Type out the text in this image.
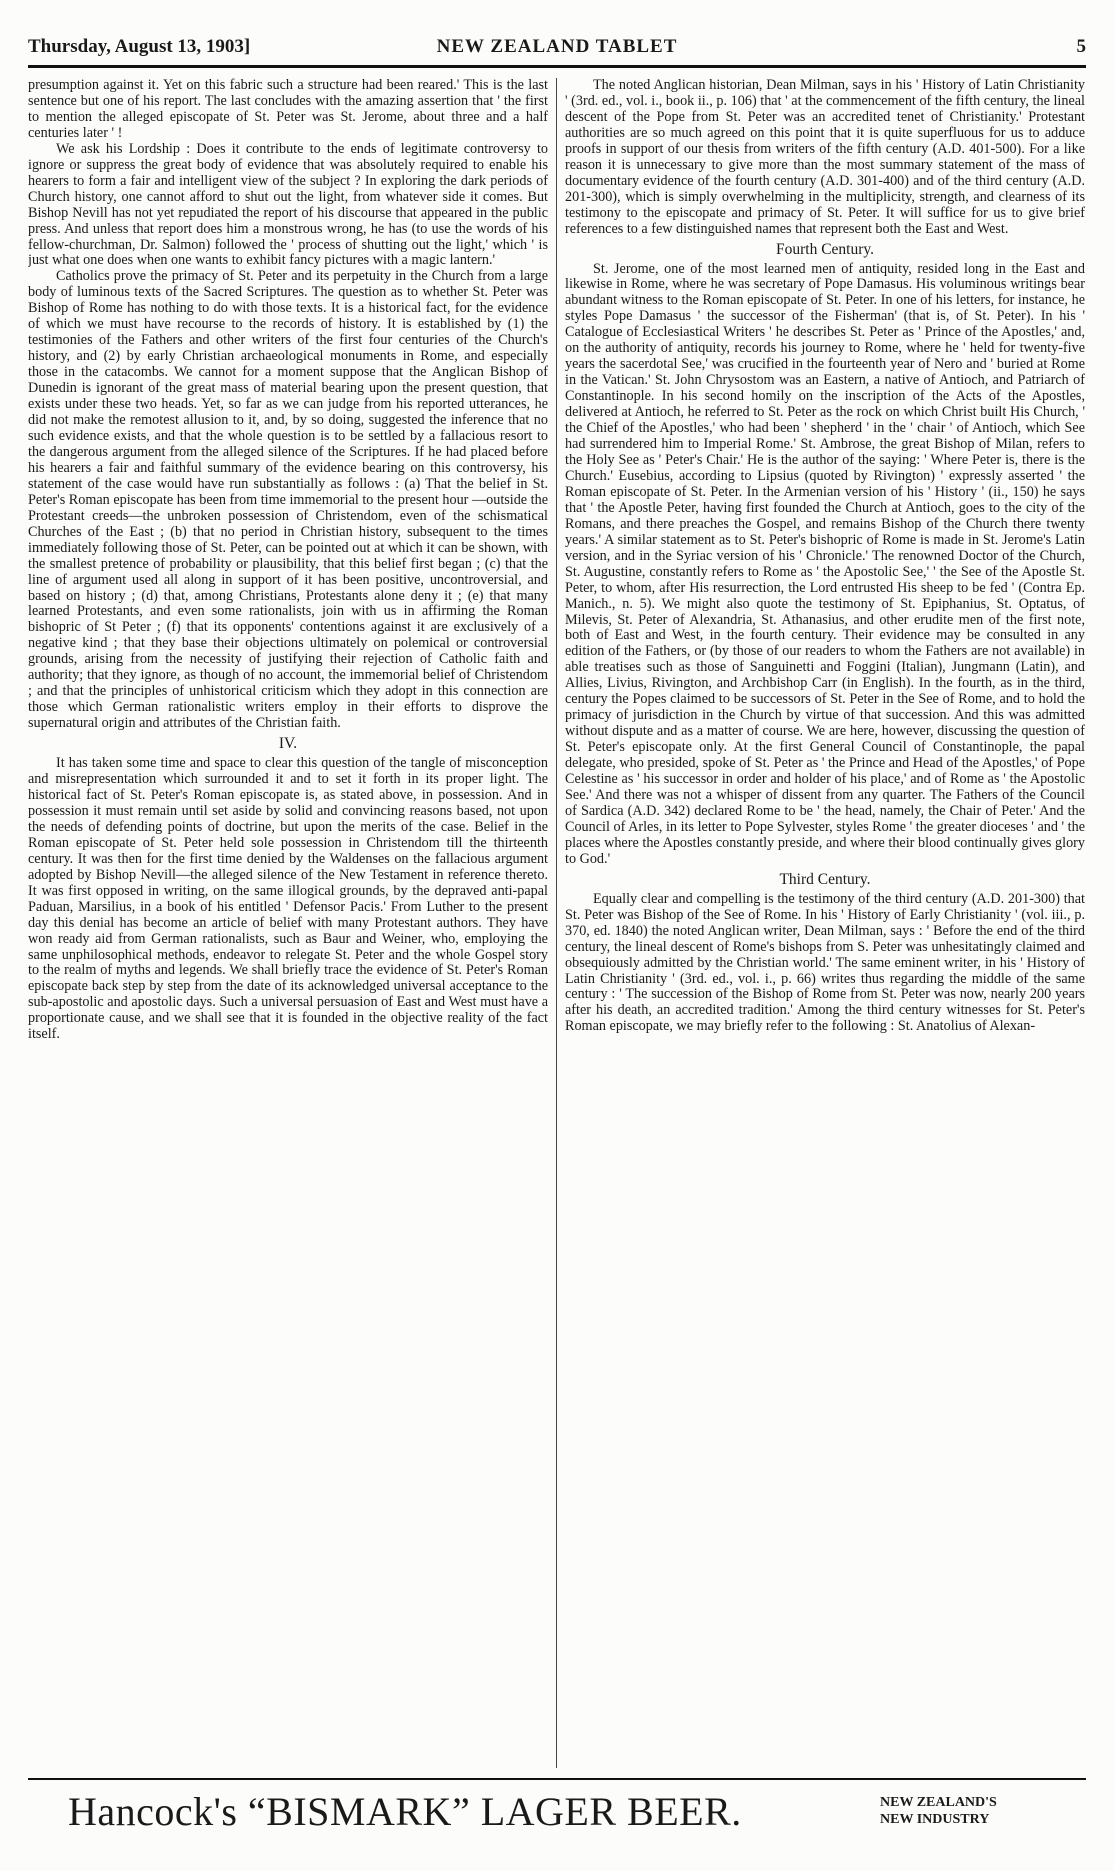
Thursday, August 13, 1903]	NEW ZEALAND TABLET	5

presumption against it. Yet on this fabric such a structure had been reared.' This is the last sentence but one of his report. The last concludes with the amazing assertion that ' the first to mention the alleged episcopate of St. Peter was St. Jerome, about three and a half centuries later ' !

We ask his Lordship : Does it contribute to the ends of legitimate controversy to ignore or suppress the great body of evidence that was absolutely required to enable his hearers to form a fair and intelligent view of the subject ? In exploring the dark periods of Church history, one cannot afford to shut out the light, from whatever side it comes. But Bishop Nevill has not yet repudiated the report of his discourse that appeared in the public press. And unless that report does him a monstrous wrong, he has (to use the words of his fellow-churchman, Dr. Salmon) followed the ' process of shutting out the light,' which ' is just what one does when one wants to exhibit fancy pictures with a magic lantern.'

Catholics prove the primacy of St. Peter and its perpetuity in the Church from a large body of luminous texts of the Sacred Scriptures. The question as to whether St. Peter was Bishop of Rome has nothing to do with those texts. It is a historical fact, for the evidence of which we must have recourse to the records of history. It is established by (1) the testimonies of the Fathers and other writers of the first four centuries of the Church's history, and (2) by early Christian archaeological monuments in Rome, and especially those in the catacombs. We cannot for a moment suppose that the Anglican Bishop of Dunedin is ignorant of the great mass of material bearing upon the present question, that exists under these two heads. Yet, so far as we can judge from his reported utterances, he did not make the remotest allusion to it, and, by so doing, suggested the inference that no such evidence exists, and that the whole question is to be settled by a fallacious resort to the dangerous argument from the alleged silence of the Scriptures. If he had placed before his hearers a fair and faithful summary of the evidence bearing on this controversy, his statement of the case would have run substantially as follows : (a) That the belief in St. Peter's Roman episcopate has been from time immemorial to the present hour —outside the Protestant creeds—the unbroken possession of Christendom, even of the schismatical Churches of the East ; (b) that no period in Christian history, subsequent to the times immediately following those of St. Peter, can be pointed out at which it can be shown, with the smallest pretence of probability or plausibility, that this belief first began ; (c) that the line of argument used all along in support of it has been positive, uncontroversial, and based on history ; (d) that, among Christians, Protestants alone deny it ; (e) that many learned Protestants, and even some rationalists, join with us in affirming the Roman bishopric of St Peter ; (f) that its opponents' contentions against it are exclusively of a negative kind ; that they base their objections ultimately on polemical or controversial grounds, arising from the necessity of justifying their rejection of Catholic faith and authority; that they ignore, as though of no account, the immemorial belief of Christendom ; and that the principles of unhistorical criticism which they adopt in this connection are those which German rationalistic writers employ in their efforts to disprove the supernatural origin and attributes of the Christian faith.

IV.

It has taken some time and space to clear this question of the tangle of misconception and misrepresentation which surrounded it and to set it forth in its proper light. The historical fact of St. Peter's Roman episcopate is, as stated above, in possession. And in possession it must remain until set aside by solid and convincing reasons based, not upon the needs of defending points of doctrine, but upon the merits of the case. Belief in the Roman episcopate of St. Peter held sole possession in Christendom till the thirteenth century. It was then for the first time denied by the Waldenses on the fallacious argument adopted by Bishop Nevill—the alleged silence of the New Testament in reference thereto. It was first opposed in writing, on the same illogical grounds, by the depraved anti-papal Paduan, Marsilius, in a book of his entitled ' Defensor Pacis.' From Luther to the present day this denial has become an article of belief with many Protestant authors. They have won ready aid from German rationalists, such as Baur and Weiner, who, employing the same unphilosophical methods, endeavor to relegate St. Peter and the whole Gospel story to the realm of myths and legends. We shall briefly trace the evidence of St. Peter's Roman episcopate back step by step from the date of its acknowledged universal acceptance to the sub-apostolic and apostolic days. Such a universal persuasion of East and West must have a proportionate cause, and we shall see that it is founded in the objective reality of the fact itself.

The noted Anglican historian, Dean Milman, says in his ' History of Latin Christianity ' (3rd. ed., vol. i., book ii., p. 106) that ' at the commencement of the fifth century, the lineal descent of the Pope from St. Peter was an accredited tenet of Christianity.' Protestant authorities are so much agreed on this point that it is quite superfluous for us to adduce proofs in support of our thesis from writers of the fifth century (A.D. 401-500). For a like reason it is unnecessary to give more than the most summary statement of the mass of documentary evidence of the fourth century (A.D. 301-400) and of the third century (A.D. 201-300), which is simply overwhelming in the multiplicity, strength, and clearness of its testimony to the episcopate and primacy of St. Peter. It will suffice for us to give brief references to a few distinguished names that represent both the East and West.

Fourth Century.

St. Jerome, one of the most learned men of antiquity, resided long in the East and likewise in Rome, where he was secretary of Pope Damasus. His voluminous writings bear abundant witness to the Roman episcopate of St. Peter. In one of his letters, for instance, he styles Pope Damasus ' the successor of the Fisherman' (that is, of St. Peter). In his ' Catalogue of Ecclesiastical Writers ' he describes St. Peter as ' Prince of the Apostles,' and, on the authority of antiquity, records his journey to Rome, where he ' held for twenty-five years the sacerdotal See,' was crucified in the fourteenth year of Nero and ' buried at Rome in the Vatican.' St. John Chrysostom was an Eastern, a native of Antioch, and Patriarch of Constantinople. In his second homily on the inscription of the Acts of the Apostles, delivered at Antioch, he referred to St. Peter as the rock on which Christ built His Church, ' the Chief of the Apostles,' who had been ' shepherd ' in the ' chair ' of Antioch, which See had surrendered him to Imperial Rome.' St. Ambrose, the great Bishop of Milan, refers to the Holy See as ' Peter's Chair.' He is the author of the saying: ' Where Peter is, there is the Church.' Eusebius, according to Lipsius (quoted by Rivington) ' expressly asserted ' the Roman episcopate of St. Peter. In the Armenian version of his ' History ' (ii., 150) he says that ' the Apostle Peter, having first founded the Church at Antioch, goes to the city of the Romans, and there preaches the Gospel, and remains Bishop of the Church there twenty years.' A similar statement as to St. Peter's bishopric of Rome is made in St. Jerome's Latin version, and in the Syriac version of his ' Chronicle.' The renowned Doctor of the Church, St. Augustine, constantly refers to Rome as ' the Apostolic See,' ' the See of the Apostle St. Peter, to whom, after His resurrection, the Lord entrusted His sheep to be fed ' (Contra Ep. Manich., n. 5). We might also quote the testimony of St. Epiphanius, St. Optatus, of Milevis, St. Peter of Alexandria, St. Athanasius, and other erudite men of the first note, both of East and West, in the fourth century. Their evidence may be consulted in any edition of the Fathers, or (by those of our readers to whom the Fathers are not available) in able treatises such as those of Sanguinetti and Foggini (Italian), Jungmann (Latin), and Allies, Livius, Rivington, and Archbishop Carr (in English). In the fourth, as in the third, century the Popes claimed to be successors of St. Peter in the See of Rome, and to hold the primacy of jurisdiction in the Church by virtue of that succession. And this was admitted without dispute and as a matter of course. We are here, however, discussing the question of St. Peter's episcopate only. At the first General Council of Constantinople, the papal delegate, who presided, spoke of St. Peter as ' the Prince and Head of the Apostles,' of Pope Celestine as ' his successor in order and holder of his place,' and of Rome as ' the Apostolic See.' And there was not a whisper of dissent from any quarter. The Fathers of the Council of Sardica (A.D. 342) declared Rome to be ' the head, namely, the Chair of Peter.' And the Council of Arles, in its letter to Pope Sylvester, styles Rome ' the greater dioceses ' and ' the places where the Apostles constantly preside, and where their blood continually gives glory to God.'

Third Century.

Equally clear and compelling is the testimony of the third century (A.D. 201-300) that St. Peter was Bishop of the See of Rome. In his ' History of Early Christianity ' (vol. iii., p. 370, ed. 1840) the noted Anglican writer, Dean Milman, says : ' Before the end of the third century, the lineal descent of Rome's bishops from S. Peter was unhesitatingly claimed and obsequiously admitted by the Christian world.' The same eminent writer, in his ' History of Latin Christianity ' (3rd. ed., vol. i., p. 66) writes thus regarding the middle of the same century : ' The succession of the Bishop of Rome from St. Peter was now, nearly 200 years after his death, an accredited tradition.' Among the third century witnesses for St. Peter's Roman episcopate, we may briefly refer to the following : St. Anatolius of Alexan-

Hancock's “BISMARK” LAGER BEER.	NEW ZEALAND'S
NEW INDUSTRY
